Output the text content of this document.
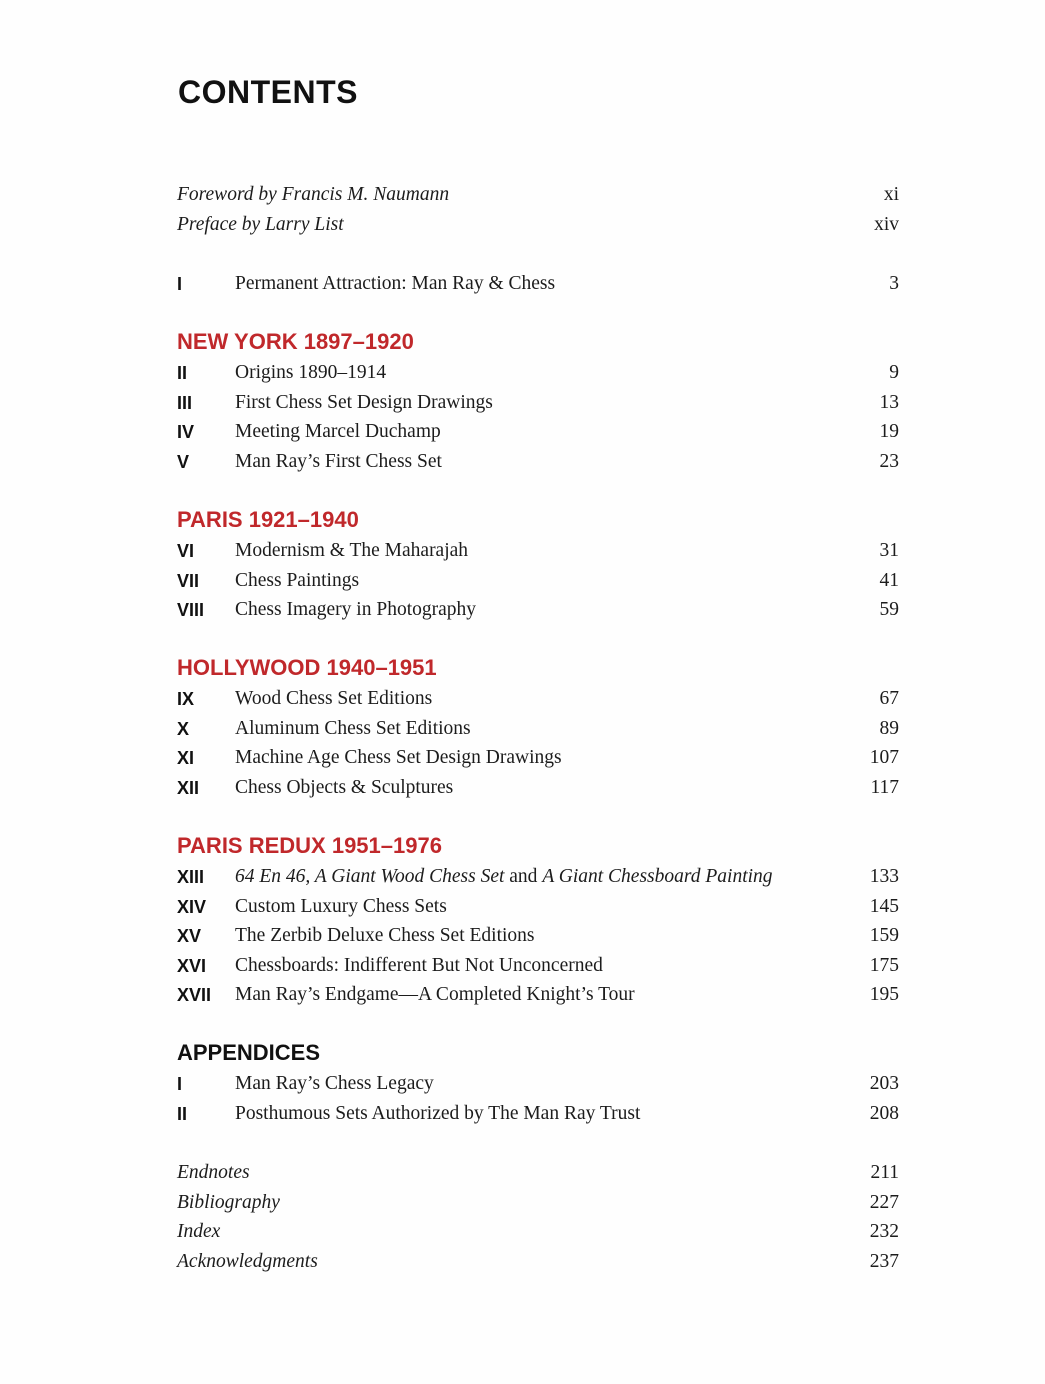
CONTENTS
Foreword by Francis M. Naumann	xi
Preface by Larry List	xiv
I	Permanent Attraction: Man Ray & Chess	3
NEW YORK 1897–1920
II Origins 1890–1914	9
III First Chess Set Design Drawings	13
IV Meeting Marcel Duchamp	19
V Man Ray’s First Chess Set	23
PARIS 1921–1940
VI Modernism & The Maharajah	31
VII Chess Paintings	41
VIII Chess Imagery in Photography	59
HOLLYWOOD 1940–1951
IX Wood Chess Set Editions	67
X Aluminum Chess Set Editions	89
XI Machine Age Chess Set Design Drawings	107
XII Chess Objects & Sculptures	117
PARIS REDUX 1951–1976
XIII 64 En 46, A Giant Wood Chess Set and A Giant Chessboard Painting	133
XIV Custom Luxury Chess Sets	145
XV The Zerbib Deluxe Chess Set Editions	159
XVI Chessboards: Indifferent But Not Unconcerned	175
XVII Man Ray’s Endgame—A Completed Knight’s Tour	195
APPENDICES
I	Man Ray’s Chess Legacy	203
II Posthumous Sets Authorized by The Man Ray Trust	208
Endnotes	211
Bibliography	227
Index	232
Acknowledgments	237
